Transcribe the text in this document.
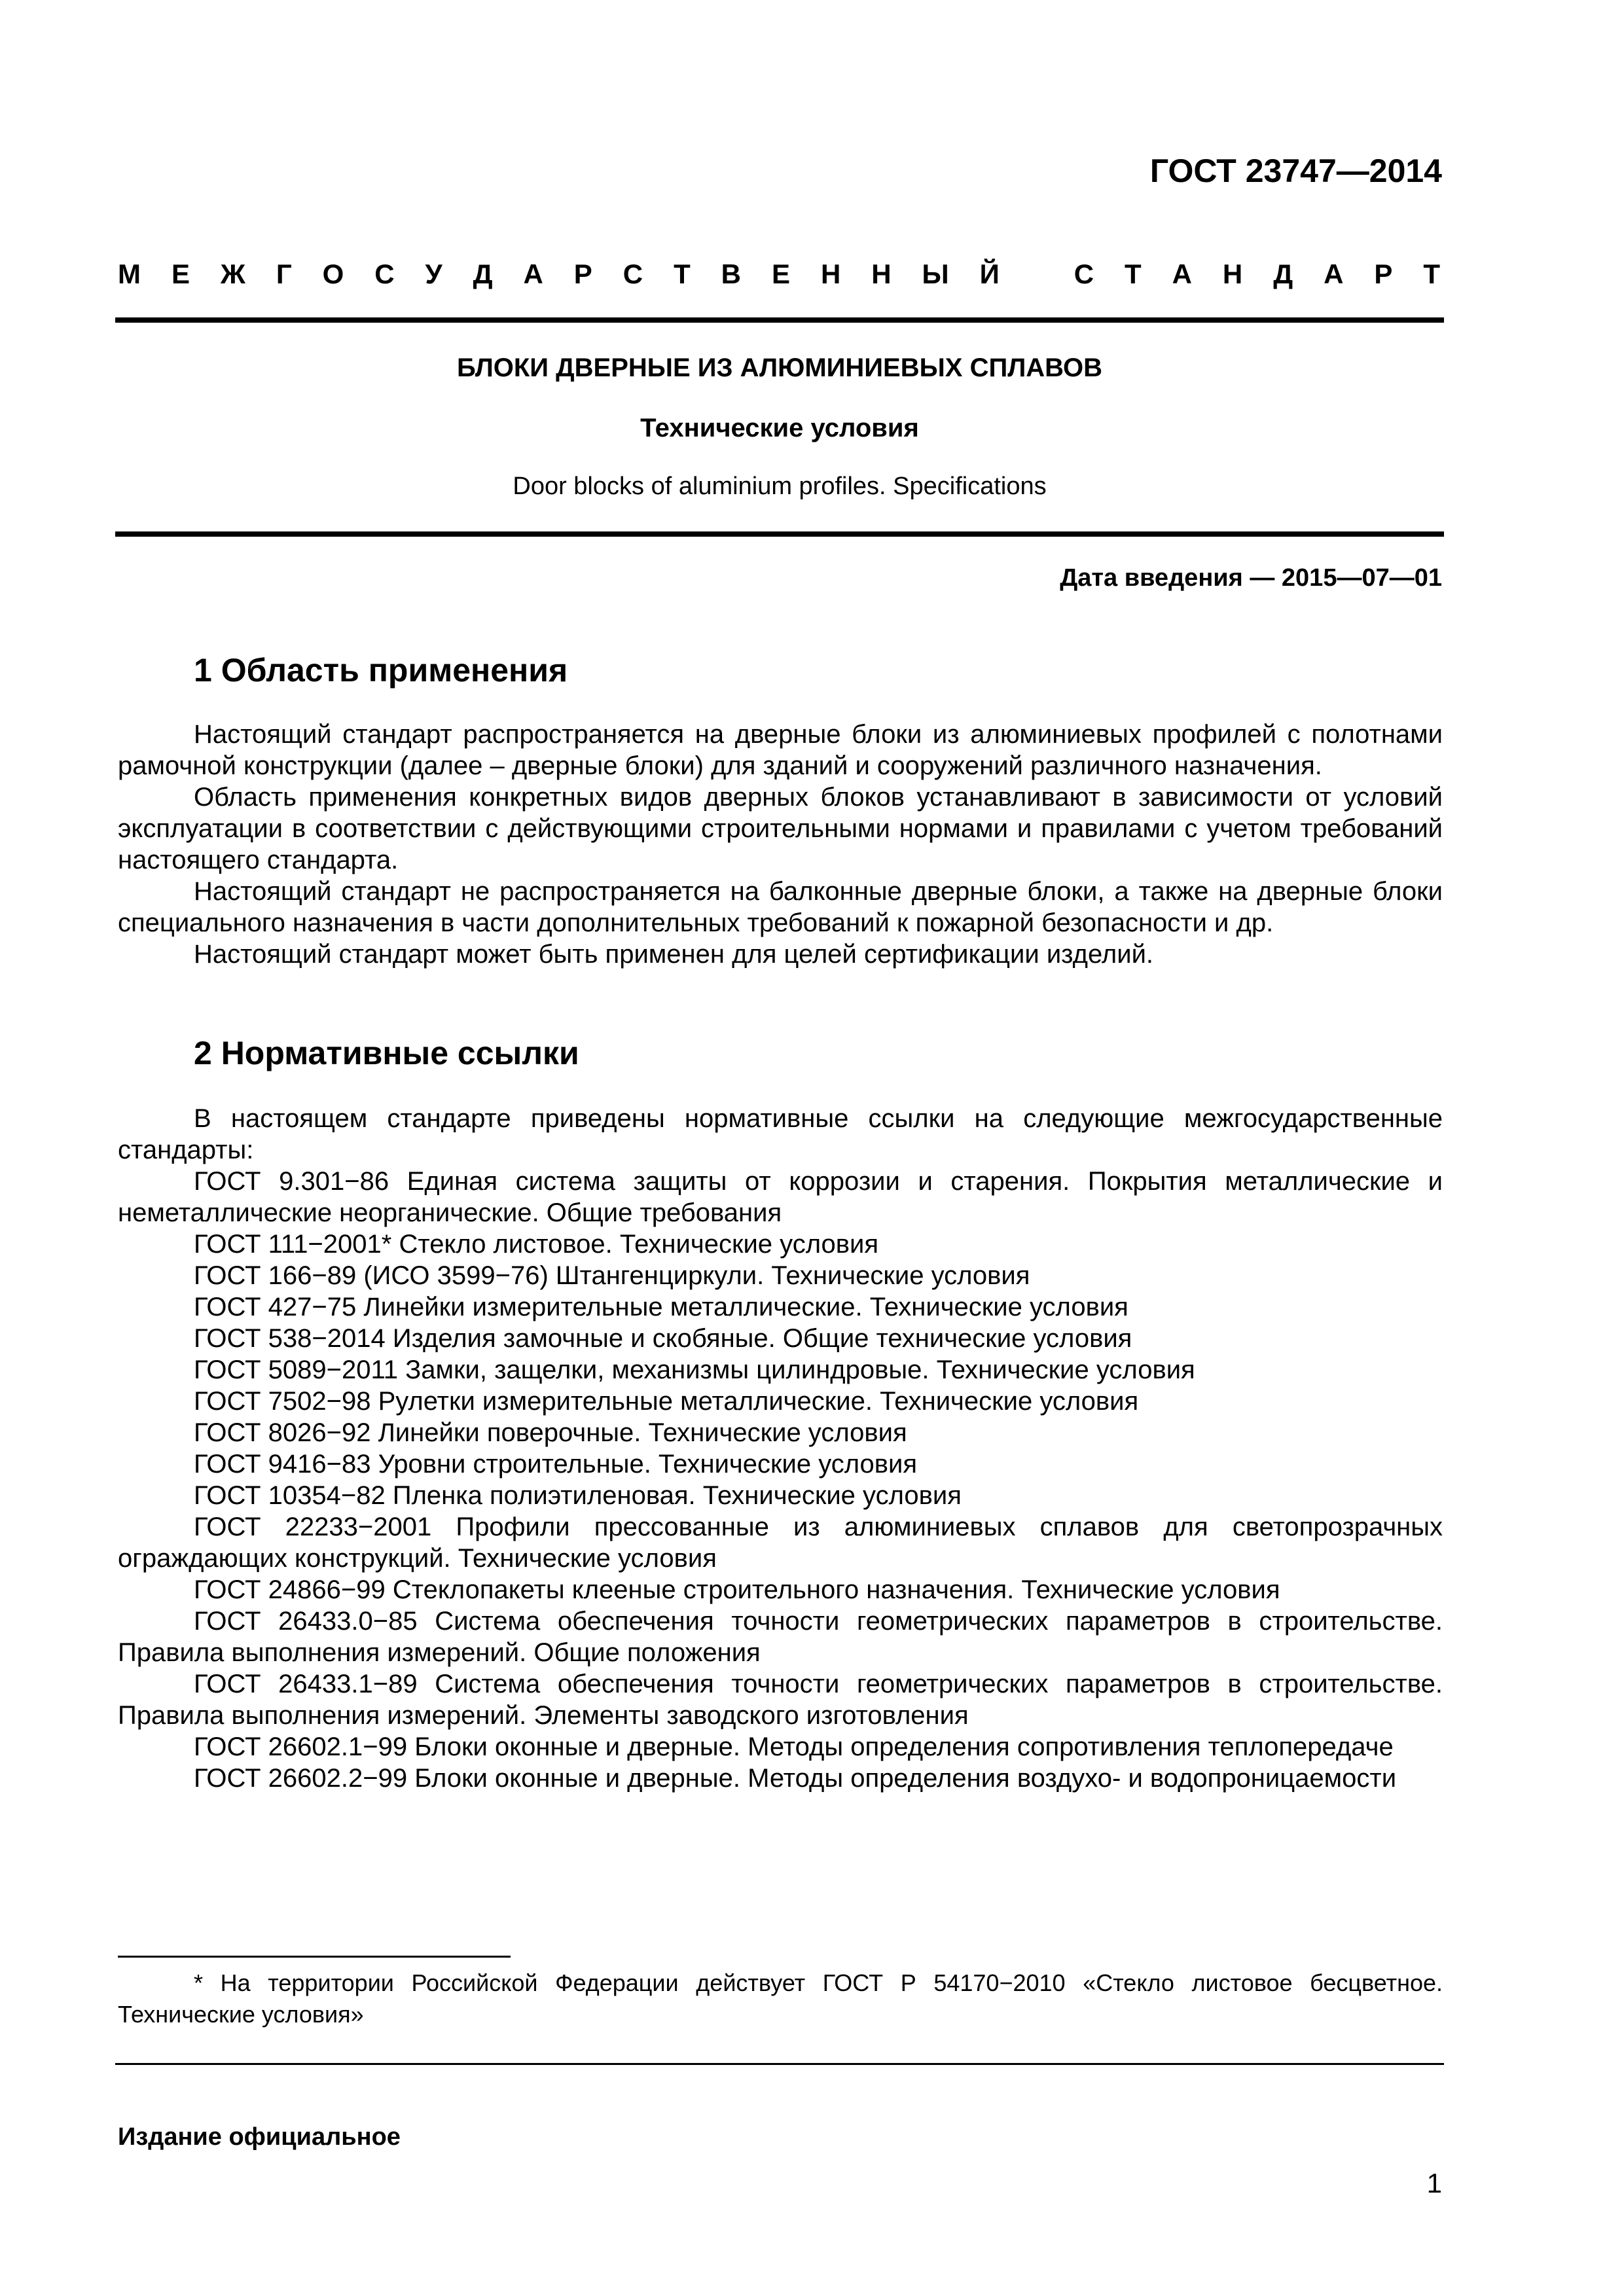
ГОСТ 23747—2014
М Е Ж Г О С У Д А Р С Т В Е Н Н Ы Й	С Т А Н Д А Р Т
БЛОКИ ДВЕРНЫЕ ИЗ АЛЮМИНИЕВЫХ СПЛАВОВ
Технические условия
Door blocks of aluminium profiles. Specifications
Дата введения — 2015—07—01
1 Область применения

Настоящий стандарт распространяется на дверные блоки из алюминиевых профилей с полотнами рамочной конструкции (далее – дверные блоки) для зданий и сооружений различного назначения.

Область применения конкретных видов дверных блоков устанавливают в зависимости от условий эксплуатации в соответствии с действующими строительными нормами и правилами с учетом требований настоящего стандарта.

Настоящий стандарт не распространяется на балконные дверные блоки, а также на дверные блоки специального назначения в части дополнительных требований к пожарной безопасности и др.

Настоящий стандарт может быть применен для целей сертификации изделий.

2 Нормативные ссылки

В настоящем стандарте приведены нормативные ссылки на следующие межгосударственные стандарты:

ГОСТ 9.301−86 Единая система защиты от коррозии и старения. Покрытия металлические и неметаллические неорганические. Общие требования
ГОСТ 111−2001* Стекло листовое. Технические условия
ГОСТ 166−89 (ИСО 3599−76) Штангенциркули. Технические условия
ГОСТ 427−75 Линейки измерительные металлические. Технические условия
ГОСТ 538−2014 Изделия замочные и скобяные. Общие технические условия
ГОСТ 5089−2011 Замки, защелки, механизмы цилиндровые. Технические условия
ГОСТ 7502−98 Рулетки измерительные металлические. Технические условия
ГОСТ 8026−92 Линейки поверочные. Технические условия
ГОСТ 9416−83 Уровни строительные. Технические условия
ГОСТ 10354−82 Пленка полиэтиленовая. Технические условия
ГОСТ 22233−2001 Профили прессованные из алюминиевых сплавов для светопрозрачных ограждающих конструкций. Технические условия
ГОСТ 24866−99 Стеклопакеты клееные строительного назначения. Технические условия
ГОСТ 26433.0−85 Система обеспечения точности геометрических параметров в строительстве. Правила выполнения измерений. Общие положения
ГОСТ 26433.1−89 Система обеспечения точности геометрических параметров в строительстве. Правила выполнения измерений. Элементы заводского изготовления
ГОСТ 26602.1−99 Блоки оконные и дверные. Методы определения сопротивления теплопередаче
ГОСТ 26602.2−99 Блоки оконные и дверные. Методы определения воздухо- и водопроницаемости
* На территории Российской Федерации действует ГОСТ Р 54170−2010 «Стекло листовое бесцветное. Технические условия»
Издание официальное
1
